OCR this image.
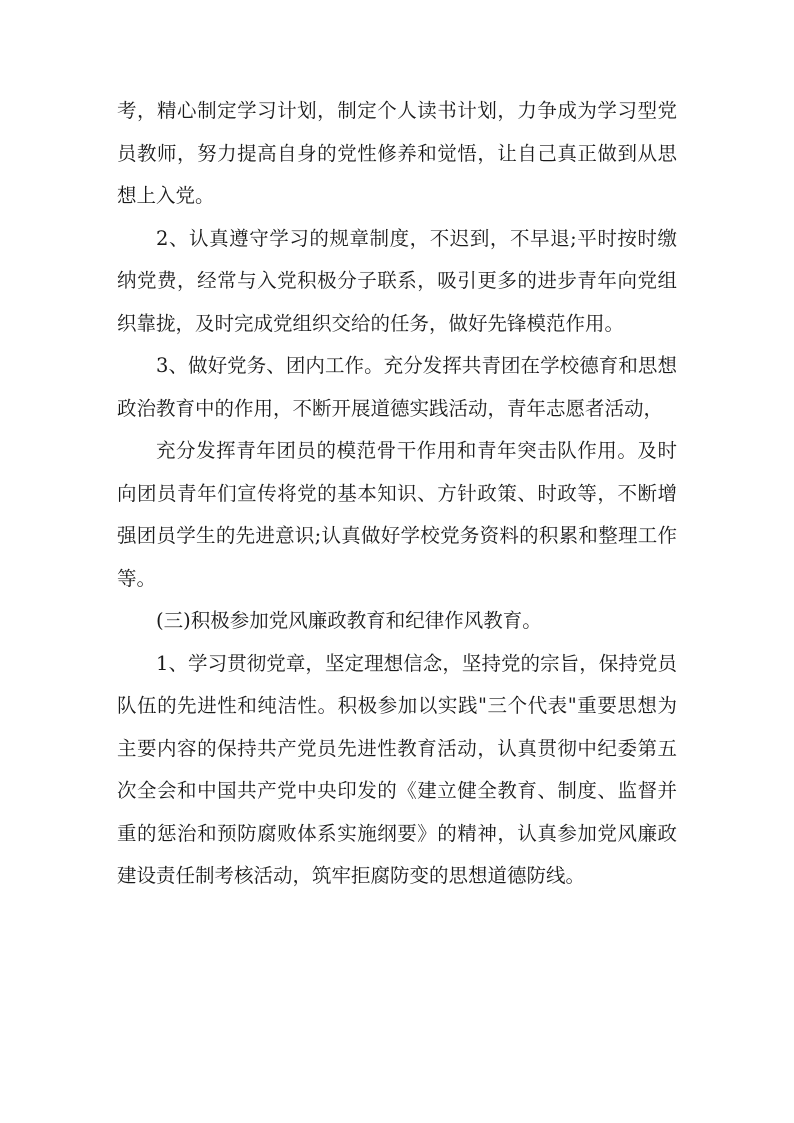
考，精心制定学习计划，制定个人读书计划，力争成为学习型党员教师，努力提高自身的党性修养和觉悟，让自己真正做到从思想上入党。

2、认真遵守学习的规章制度，不迟到，不早退;平时按时缴纳党费，经常与入党积极分子联系，吸引更多的进步青年向党组织靠拢，及时完成党组织交给的任务，做好先锋模范作用。

3、做好党务、团内工作。充分发挥共青团在学校德育和思想政治教育中的作用，不断开展道德实践活动，青年志愿者活动，

充分发挥青年团员的模范骨干作用和青年突击队作用。及时向团员青年们宣传将党的基本知识、方针政策、时政等，不断增强团员学生的先进意识;认真做好学校党务资料的积累和整理工作等。

(三)积极参加党风廉政教育和纪律作风教育。

1、学习贯彻党章，坚定理想信念，坚持党的宗旨，保持党员队伍的先进性和纯洁性。积极参加以实践"三个代表"重要思想为主要内容的保持共产党员先进性教育活动，认真贯彻中纪委第五次全会和中国共产党中央印发的《建立健全教育、制度、监督并重的惩治和预防腐败体系实施纲要》的精神，认真参加党风廉政建设责任制考核活动，筑牢拒腐防变的思想道德防线。
